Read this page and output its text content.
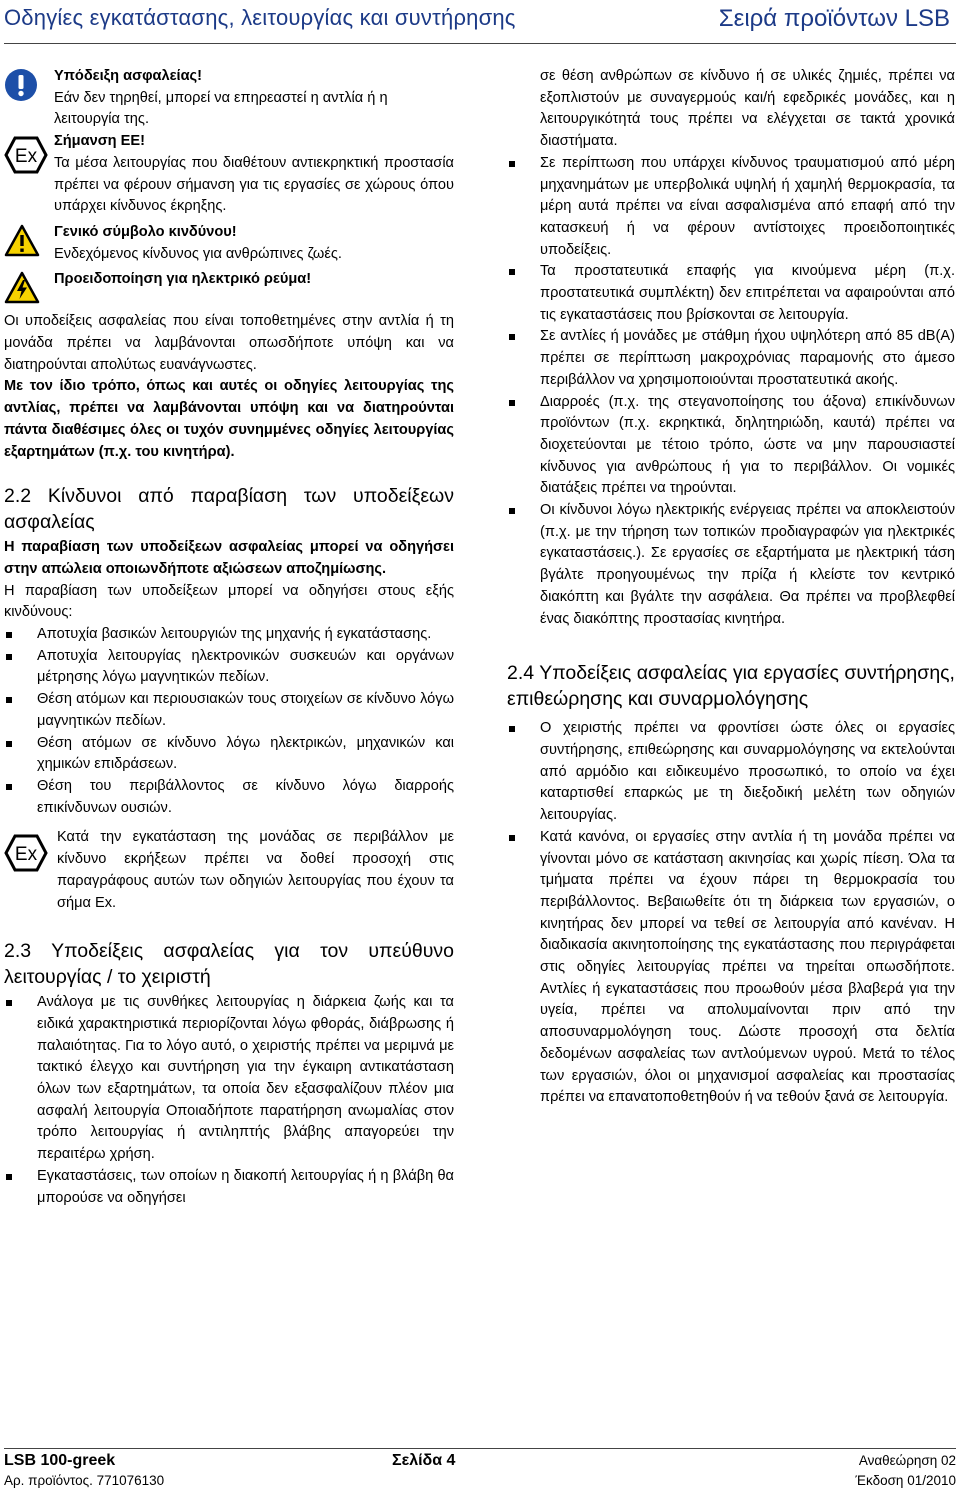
Οδηγίες εγκατάστασης, λειτουργίας και συντήρησης	Σειρά προϊόντων LSB

Υπόδειξη ασφαλείας!

Εάν δεν τηρηθεί, μπορεί να επηρεαστεί η αντλία ή η λειτουργία της.

Ex

Σήμανση ΕΕ!

Τα μέσα λειτουργίας που διαθέτουν αντιεκρηκτική προστασία πρέπει να φέρουν σήμανση για τις εργασίες σε χώρους όπου υπάρχει κίνδυνος έκρηξης.

Γενικό σύμβολο κινδύνου!

Ενδεχόμενος κίνδυνος για ανθρώπινες ζωές.

Προειδοποίηση για ηλεκτρικό ρεύμα!

Οι υποδείξεις ασφαλείας που είναι τοποθετημένες στην αντλία ή τη μονάδα πρέπει να λαμβάνονται οπωσδήποτε υπόψη και να διατηρούνται απολύτως ευανάγνωστες.

Με τον ίδιο τρόπο, όπως και αυτές οι οδηγίες λειτουργίας της αντλίας, πρέπει να λαμβάνονται υπόψη και να διατηρούνται πάντα διαθέσιμες όλες οι τυχόν συνημμένες οδηγίες λειτουργίας εξαρτημάτων (π.χ. του κινητήρα).

2.2 Κίνδυνοι από παραβίαση των υποδείξεων ασφαλείας

Η παραβίαση των υποδείξεων ασφαλείας μπορεί να οδηγήσει στην απώλεια οποιωνδήποτε αξιώσεων αποζημίωσης.

Η παραβίαση των υποδείξεων μπορεί να οδηγήσει στους εξής κινδύνους:

Αποτυχία βασικών λειτουργιών της μηχανής ή εγκατάστασης.
Αποτυχία λειτουργίας ηλεκτρονικών συσκευών και οργάνων μέτρησης λόγω μαγνητικών πεδίων.
Θέση ατόμων και περιουσιακών τους στοιχείων σε κίνδυνο λόγω μαγνητικών πεδίων.
Θέση ατόμων σε κίνδυνο λόγω ηλεκτρικών, μηχανικών και χημικών επιδράσεων.
Θέση του περιβάλλοντος σε κίνδυνο λόγω διαρροής επικίνδυνων ουσιών.
Ex

Κατά την εγκατάσταση της μονάδας σε περιβάλλον με κίνδυνο εκρήξεων πρέπει να δοθεί προσοχή στις παραγράφους αυτών των οδηγιών λειτουργίας που έχουν τα σήμα Ex.

2.3 Υποδείξεις ασφαλείας για τον υπεύθυνο λειτουργίας / το χειριστή
Ανάλογα με τις συνθήκες λειτουργίας η διάρκεια ζωής και τα ειδικά χαρακτηριστικά περιορίζονται λόγω φθοράς, διάβρωσης ή παλαιότητας. Για το λόγο αυτό, ο χειριστής πρέπει να μεριμνά με τακτικό έλεγχο και συντήρηση για την έγκαιρη αντικατάσταση όλων των εξαρτημάτων, τα οποία δεν εξασφαλίζουν πλέον μια ασφαλή λειτουργία Οποιαδήποτε παρατήρηση ανωμαλίας στον τρόπο λειτουργίας ή αντιληπτής βλάβης απαγορεύει την περαιτέρω χρήση.
Εγκαταστάσεις, των οποίων η διακοπή λειτουργίας ή η βλάβη θα μπορούσε να οδηγήσει

σε θέση ανθρώπων σε κίνδυνο ή σε υλικές ζημιές, πρέπει να εξοπλιστούν με συναγερμούς και/ή εφεδρικές μονάδες, και η λειτουργικότητά τους πρέπει να ελέγχεται σε τακτά χρονικά διαστήματα.

Σε περίπτωση που υπάρχει κίνδυνος τραυματισμού από μέρη μηχανημάτων με υπερβολικά υψηλή ή χαμηλή θερμοκρασία, τα μέρη αυτά πρέπει να είναι ασφαλισμένα από επαφή από την κατασκευή ή να φέρουν αντίστοιχες προειδοποιητικές υποδείξεις.
Τα προστατευτικά επαφής για κινούμενα μέρη (π.χ. προστατευτικά συμπλέκτη) δεν επιτρέπεται να αφαιρούνται από τις εγκαταστάσεις που βρίσκονται σε λειτουργία.
Σε αντλίες ή μονάδες με στάθμη ήχου υψηλότερη από 85 dB(A) πρέπει σε περίπτωση μακροχρόνιας παραμονής στο άμεσο περιβάλλον να χρησιμοποιούνται προστατευτικά ακοής.
Διαρροές (π.χ. της στεγανοποίησης του άξονα) επικίνδυνων προϊόντων (π.χ. εκρηκτικά, δηλητηριώδη, καυτά) πρέπει να διοχετεύονται με τέτοιο τρόπο, ώστε να μην παρουσιαστεί κίνδυνος για ανθρώπους ή για το περιβάλλον. Οι νομικές διατάξεις πρέπει να τηρούνται.
Οι κίνδυνοι λόγω ηλεκτρικής ενέργειας πρέπει να αποκλειστούν (π.χ. με την τήρηση των τοπικών προδιαγραφών για ηλεκτρικές εγκαταστάσεις.). Σε εργασίες σε εξαρτήματα με ηλεκτρική τάση βγάλτε προηγουμένως την πρίζα ή κλείστε τον κεντρικό διακόπτη και βγάλτε την ασφάλεια. Θα πρέπει να προβλεφθεί ένας διακόπτης προστασίας κινητήρα.
2.4 Υποδείξεις ασφαλείας για εργασίες συντήρησης, επιθεώρησης και συναρμολόγησης
Ο χειριστής πρέπει να φροντίσει ώστε όλες οι εργασίες συντήρησης, επιθεώρησης και συναρμολόγησης να εκτελούνται από αρμόδιο και ειδικευμένο προσωπικό, το οποίο να έχει καταρτισθεί επαρκώς με τη διεξοδική μελέτη των οδηγιών λειτουργίας.
Κατά κανόνα, οι εργασίες στην αντλία ή τη μονάδα πρέπει να γίνονται μόνο σε κατάσταση ακινησίας και χωρίς πίεση. Όλα τα τμήματα πρέπει να έχουν πάρει τη θερμοκρασία του περιβάλλοντος. Βεβαιωθείτε ότι τη διάρκεια των εργασιών, ο κινητήρας δεν μπορεί να τεθεί σε λειτουργία από κανέναν. Η διαδικασία ακινητοποίησης της εγκατάστασης που περιγράφεται στις οδηγίες λειτουργίας πρέπει να τηρείται οπωσδήποτε. Αντλίες ή εγκαταστάσεις που προωθούν μέσα βλαβερά για την υγεία, πρέπει να απολυμαίνονται πριν από την αποσυναρμολόγηση τους. Δώστε προσοχή στα δελτία δεδομένων ασφαλείας των αντλούμενων υγρού. Μετά το τέλος των εργασιών, όλοι οι μηχανισμοί ασφαλείας και προστασίας πρέπει να επανατοποθετηθούν ή να τεθούν ξανά σε λειτουργία.
LSB 100-greek
Αρ. προϊόντος. 771076130
Σελίδα 4	Αναθεώρηση 02
Έκδοση 01/2010
